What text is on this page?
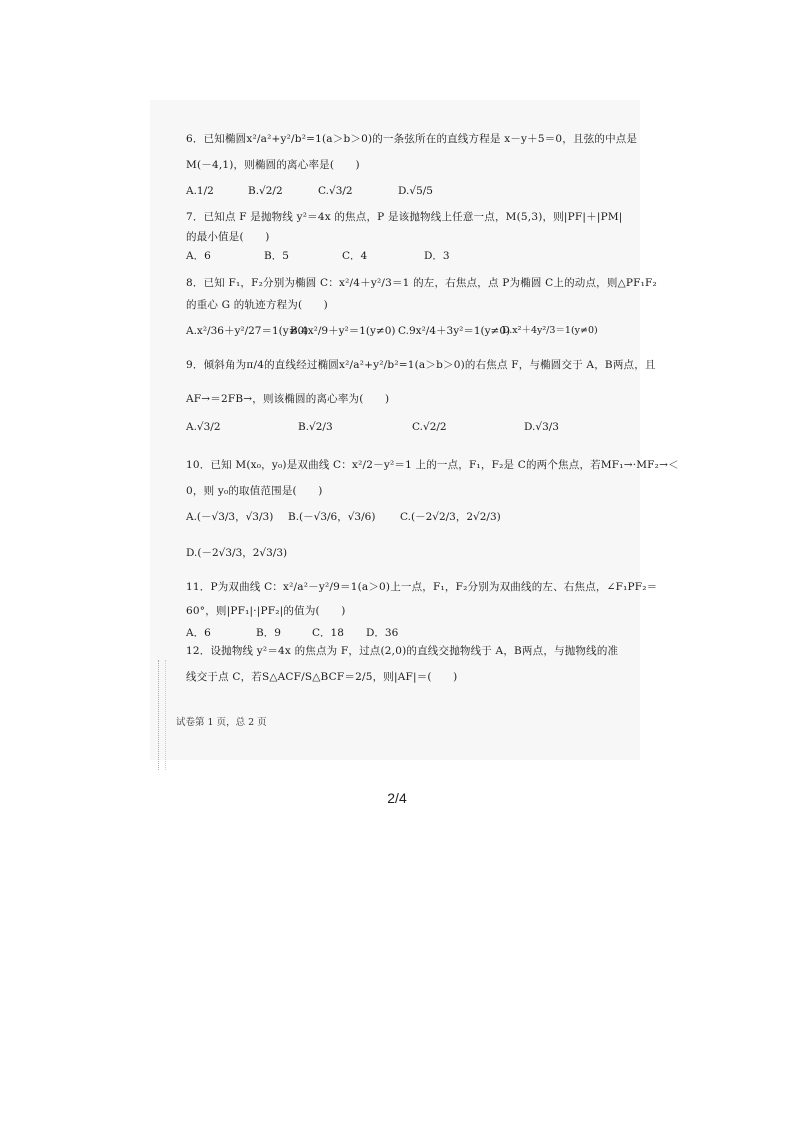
6．已知椭圆x²/a²+y²/b²=1(a＞b＞0)的一条弦所在的直线方程是 x－y＋5＝0，且弦的中点是
M(－4,1)，则椭圆的离心率是(　　)
A.1/2	B.√2/2	C.√3/2	D.√5/5
7．已知点 F 是抛物线 y²＝4x 的焦点，P 是该抛物线上任意一点，M(5,3)，则|PF|＋|PM|
的最小值是(　　)
A．6	B．5	C．4	D．3
8．已知 F₁，F₂分别为椭圆 C：x²/4＋y²/3＝1 的左，右焦点，点 P为椭圆 C上的动点，则△PF₁F₂
的重心 G 的轨迹方程为(　　)
A.x²/36＋y²/27＝1(y≠0)
B.4x²/9＋y²＝1(y≠0) C.9x²/4＋3y²＝1(y≠0)
D.x²＋4y²/3＝1(y≠0)
9．倾斜角为π/4的直线经过椭圆x²/a²+y²/b²=1(a＞b＞0)的右焦点 F，与椭圆交于 A，B两点，且
AF→＝2FB→，则该椭圆的离心率为(　　)
A.√3/2	B.√2/3	C.√2/2	D.√3/3
10．已知 M(x₀，y₀)是双曲线 C：x²/2－y²＝1 上的一点，F₁，F₂是 C的两个焦点，若MF₁→·MF₂→＜
0，则 y₀的取值范围是(　　)
A.(－√3/3，√3/3) B.(－√3/6，√3/6) C.(－2√2/3，2√2/3)
D.(－2√3/3，2√3/3)
11．P为双曲线 C：x²/a²－y²/9＝1(a＞0)上一点，F₁，F₂分别为双曲线的左、右焦点，∠F₁PF₂＝
60°，则|PF₁|·|PF₂|的值为(　　)
A．6	B．9	C．18 D．36
12．设抛物线 y²＝4x 的焦点为 F，过点(2,0)的直线交抛物线于 A，B两点，与抛物线的准
线交于点 C，若S△ACF/S△BCF＝2/5，则|AF|＝(　　)
试卷第 1 页，总 2 页
2/4
